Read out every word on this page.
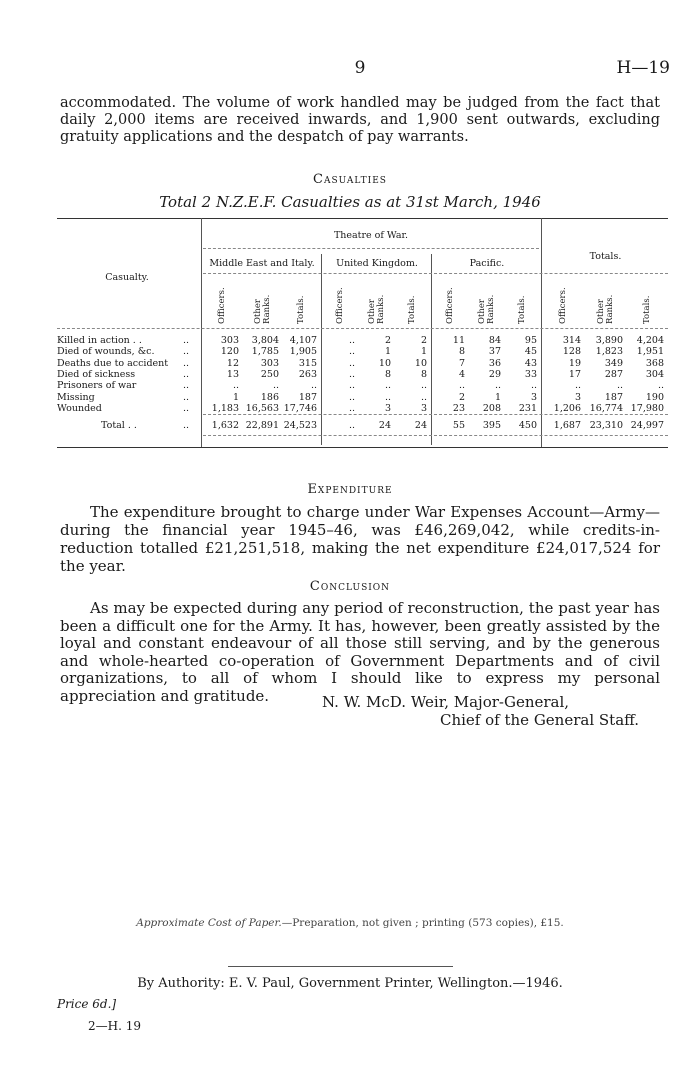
9	H—19
accommodated. The volume of work handled may be judged from the fact that daily 2,000 items are received inwards, and 1,900 sent outwards, excluding gratuity applications and the despatch of pay warrants.
Casualties
Total 2 N.Z.E.F. Casualties as at 31st March, 1946
Theatre of War.
Totals.
Casualty.
Middle East and Italy.	United Kingdom.	Pacific.
Officers.	Other Ranks.	Totals.	Officers.	Other Ranks. Totals.	Officers.	Other Ranks. Totals.	Officers.	Other Ranks.	Totals.
Killed in action . .	..	303	3,804	4,107	..	2	2	11	84	95	314	3,890	4,204
Died of wounds, &c.	..	120	1,785	1,905	..	1	1	8	37	45	128	1,823	1,951
Deaths due to accident ..	12	303	315	..	10	10	7	36	43	19	349	368
Died of sickness	..	13	250	263	..	8	8	4	29	33	17	287	304
Prisoners of war	..	..	..	..	..	..	..	..	..	..	..	..	..
Missing	..	1	186	187	..	..	..	2	1	3	3	187	190
Wounded	..	1,183 16,563 17,746	..	3	3	23	208	231	1,206 16,774 17,980
Total . .	..	1,632 22,891 24,523	..	24	24	55	395	450	1,687 23,310 24,997
Expenditure
The expenditure brought to charge under War Expenses Account—Army—during the financial year 1945–46, was £46,269,042, while credits-in-reduction totalled £21,251,518, making the net expenditure £24,017,524 for the year.
Conclusion
As may be expected during any period of reconstruction, the past year has been a difficult one for the Army. It has, however, been greatly assisted by the loyal and constant endeavour of all those still serving, and by the generous and whole-hearted co-operation of Government Departments and of civil organizations, to all of whom I should like to express my personal appreciation and gratitude.	N. W. McD. Weir, Major-General,
Chief of the General Staff.
Approximate Cost of Paper.—Preparation, not given ; printing (573 copies), £15.
By Authority: E. V. Paul, Government Printer, Wellington.—1946.
Price 6d.]
2—H. 19
